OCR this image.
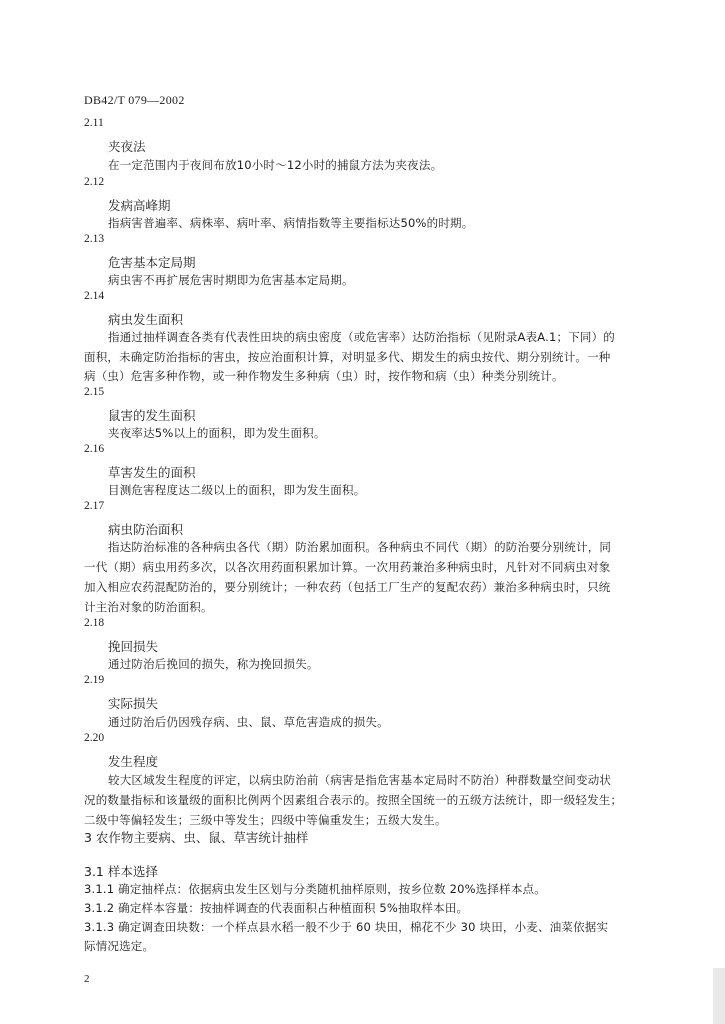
DB42/T 079—2002
2.11
夹夜法
在一定范围内于夜间布放10小时～12小时的捕鼠方法为夹夜法。
2.12
发病高峰期
指病害普遍率、病株率、病叶率、病情指数等主要指标达50%的时期。
2.13
危害基本定局期
病虫害不再扩展危害时期即为危害基本定局期。
2.14
病虫发生面积
指通过抽样调查各类有代表性田块的病虫密度（或危害率）达防治指标（见附录A表A.1；下同）的
面积，未确定防治指标的害虫，按应治面积计算，对明显多代、期发生的病虫按代、期分别统计。一种
病（虫）危害多种作物，或一种作物发生多种病（虫）时，按作物和病（虫）种类分别统计。
2.15
鼠害的发生面积
夹夜率达5%以上的面积，即为发生面积。
2.16
草害发生的面积
目测危害程度达二级以上的面积，即为发生面积。
2.17
病虫防治面积
指达防治标准的各种病虫各代（期）防治累加面积。各种病虫不同代（期）的防治要分别统计，同
一代（期）病虫用药多次，以各次用药面积累加计算。一次用药兼治多种病虫时，凡针对不同病虫对象
加入相应农药混配防治的，要分别统计；一种农药（包括工厂生产的复配农药）兼治多种病虫时，只统
计主治对象的防治面积。
2.18
挽回损失
通过防治后挽回的损失，称为挽回损失。
2.19
实际损失
通过防治后仍因残存病、虫、鼠、草危害造成的损失。
2.20
发生程度
较大区域发生程度的评定，以病虫防治前（病害是指危害基本定局时不防治）种群数量空间变动状
况的数量指标和该量级的面积比例两个因素组合表示的。按照全国统一的五级方法统计，即一级轻发生；
二级中等偏轻发生；三级中等发生；四级中等偏重发生；五级大发生。
3 农作物主要病、虫、鼠、草害统计抽样
3.1 样本选择
3.1.1 确定抽样点：依据病虫发生区划与分类随机抽样原则，按乡位数 20%选择样本点。
3.1.2 确定样本容量：按抽样调查的代表面积占种植面积 5%抽取样本田。
3.1.3 确定调查田块数：一个样点县水稻一般不少于 60 块田，棉花不少 30 块田，小麦、油菜依据实
际情况选定。
2
